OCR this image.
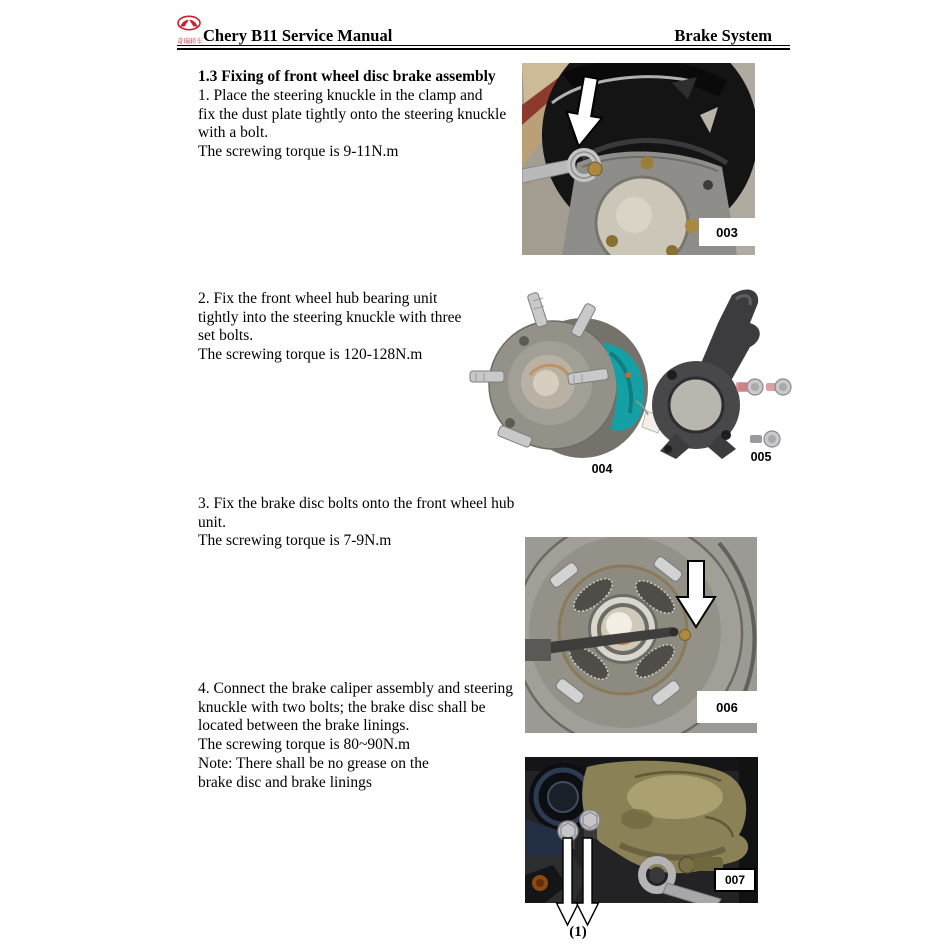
奇瑞轿车 Chery B11 Service Manual	Brake System
1.3 Fixing of front wheel disc brake assembly
1. Place the steering knuckle in the clamp and
fix the dust plate tightly onto the steering knuckle
with a bolt.
The screwing torque is 9-11N.m
003
2. Fix the front wheel hub bearing unit
tightly into the steering knuckle with three
set bolts.
The screwing torque is 120-128N.m
004
005
3. Fix the brake disc bolts onto the front wheel hub
unit.
The screwing torque is 7-9N.m
006
4. Connect the brake caliper assembly and steering
knuckle with two bolts; the brake disc shall be
located between the brake linings.
The screwing torque is 80~90N.m
Note: There shall be no grease on the
brake disc and brake linings
007
(1)
